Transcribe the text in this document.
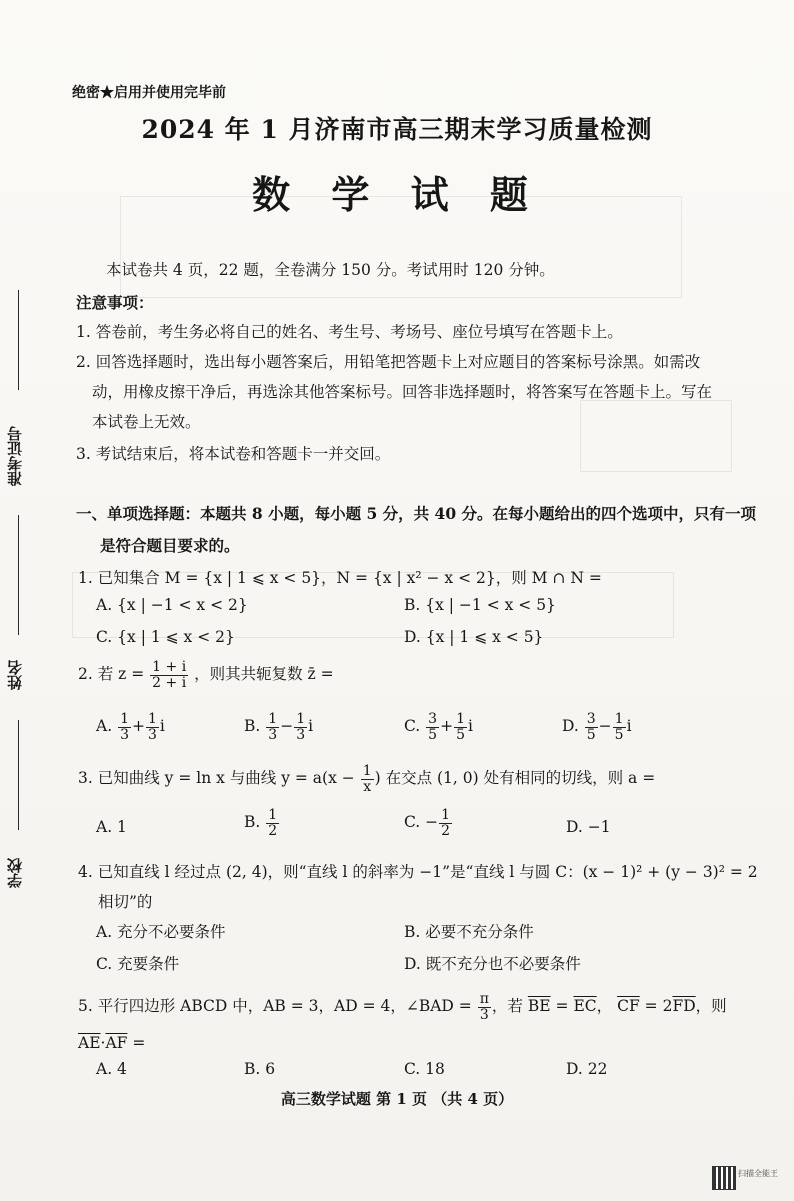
准考证号
姓名
学校
绝密★启用并使用完毕前
2024 年 1 月济南市高三期末学习质量检测
数 学 试 题
本试卷共 4 页，22 题，全卷满分 150 分。考试用时 120 分钟。
注意事项：
1. 答卷前，考生务必将自己的姓名、考生号、考场号、座位号填写在答题卡上。
2. 回答选择题时，选出每小题答案后，用铅笔把答题卡上对应题目的答案标号涂黑。如需改
动，用橡皮擦干净后，再选涂其他答案标号。回答非选择题时，将答案写在答题卡上。写在
本试卷上无效。
3. 考试结束后，将本试卷和答题卡一并交回。
一、单项选择题：本题共 8 小题，每小题 5 分，共 40 分。在每小题给出的四个选项中，只有一项
是符合题目要求的。
1. 已知集合 M = {x | 1 ⩽ x < 5}，N = {x | x² − x < 2}，则 M ∩ N =
A. {x | −1 < x < 2}	B. {x | −1 < x < 5}
C. {x | 1 ⩽ x < 2}	D. {x | 1 ⩽ x < 5}
2. 若 $z = \frac{1 + i}{2 + i}$ ，则其共轭复数 z̄ =
A. $\frac{1}{3} + \frac{1}{3}$ i	B. $\frac{1}{3} - \frac{1}{3}$ i	C. $\frac{3}{5} + \frac{1}{5}$ i	D. $\frac{3}{5} - \frac{1}{5}$ i
3. 已知曲线 y = ln x 与曲线 $y = a(x - \frac{1}{x}$ ) 在交点 (1, 0) 处有相同的切线，则 a =
A. 1	B. $\frac{1}{2}$	C. − $\frac{1}{2}$	D. −1
4. 已知直线 l 经过点 (2, 4)，则“直线 l 的斜率为 −1”是“直线 l 与圆 C：(x − 1)² + (y − 3)² = 2
相切”的
A. 充分不必要条件	B. 必要不充分条件
C. 充要条件	D. 既不充分也不必要条件
5. 平行四边形 ABCD 中，AB = 3，AD = 4，∠BAD = $\frac{\pi}{3}$ ，若 $\overline{BE} = \overline{EC}$， $\overline{CF} = 2\overline{FD}$，则
$\overline{AE}\cdot\overline{AF}$ =
A. 4	B. 6	C. 18	D. 22
高三数学试题 第 1 页 （共 4 页）
扫描全能王
